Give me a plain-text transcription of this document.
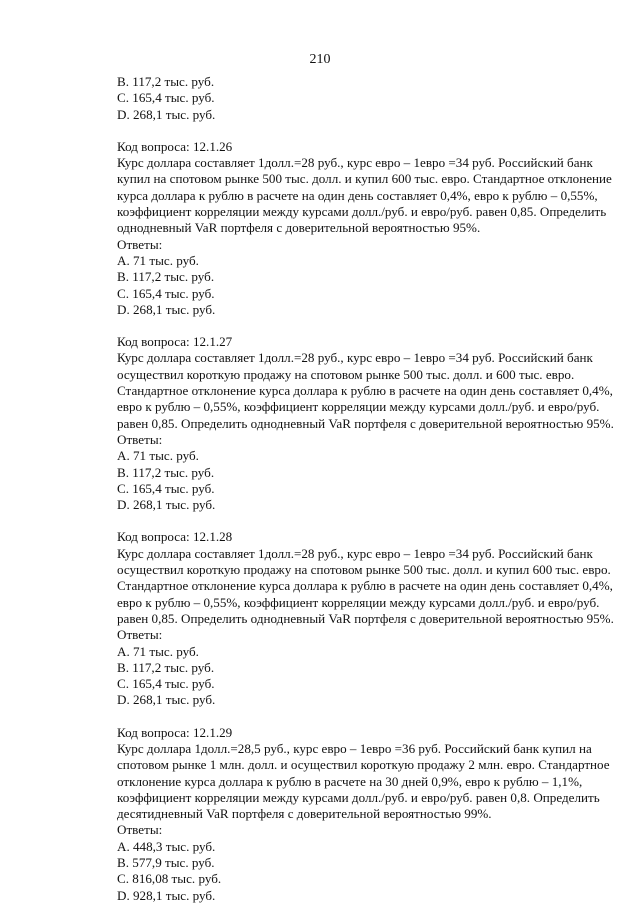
210
B. 117,2 тыс. руб.
C. 165,4 тыс. руб.
D. 268,1 тыс. руб.
Код вопроса: 12.1.26
Курс доллара составляет 1долл.=28 руб., курс евро – 1евро =34 руб. Российский банк
купил на спотовом рынке 500 тыс. долл. и купил 600 тыс. евро. Стандартное отклонение
курса доллара к рублю в расчете на один день составляет 0,4%, евро к рублю – 0,55%,
коэффициент корреляции между курсами долл./руб. и евро/руб. равен 0,85. Определить
однодневный VaR портфеля с доверительной вероятностью 95%.
Ответы:
A. 71 тыс. руб.
B. 117,2 тыс. руб.
C. 165,4 тыс. руб.
D. 268,1 тыс. руб.
Код вопроса: 12.1.27
Курс доллара составляет 1долл.=28 руб., курс евро – 1евро =34 руб. Российский банк
осуществил короткую продажу на спотовом рынке 500 тыс. долл. и 600 тыс. евро.
Стандартное отклонение курса доллара к рублю в расчете на один день составляет 0,4%,
евро к рублю – 0,55%, коэффициент корреляции между курсами долл./руб. и евро/руб.
равен 0,85. Определить однодневный VaR портфеля с доверительной вероятностью 95%.
Ответы:
A. 71 тыс. руб.
B. 117,2 тыс. руб.
C. 165,4 тыс. руб.
D. 268,1 тыс. руб.
Код вопроса: 12.1.28
Курс доллара составляет 1долл.=28 руб., курс евро – 1евро =34 руб. Российский банк
осуществил короткую продажу на спотовом рынке 500 тыс. долл. и купил 600 тыс. евро.
Стандартное отклонение курса доллара к рублю в расчете на один день составляет 0,4%,
евро к рублю – 0,55%, коэффициент корреляции между курсами долл./руб. и евро/руб.
равен 0,85. Определить однодневный VaR портфеля с доверительной вероятностью 95%.
Ответы:
A. 71 тыс. руб.
B. 117,2 тыс. руб.
C. 165,4 тыс. руб.
D. 268,1 тыс. руб.
Код вопроса: 12.1.29
Курс доллара 1долл.=28,5 руб., курс евро – 1евро =36 руб. Российский банк купил на
спотовом рынке 1 млн. долл. и осуществил короткую продажу 2 млн. евро. Стандартное
отклонение курса доллара к рублю в расчете на 30 дней 0,9%, евро к рублю – 1,1%,
коэффициент корреляции между курсами долл./руб. и евро/руб. равен 0,8. Определить
десятидневный VaR портфеля с доверительной вероятностью 99%.
Ответы:
A. 448,3 тыс. руб.
B. 577,9 тыс. руб.
C. 816,08 тыс. руб.
D. 928,1 тыс. руб.
